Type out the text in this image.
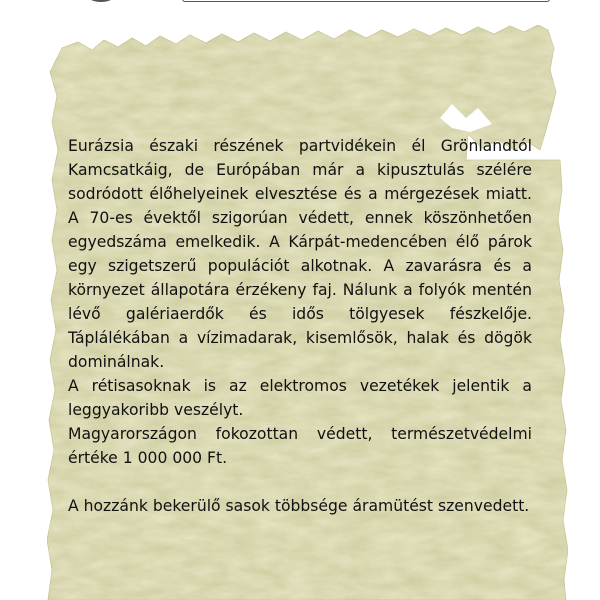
Eurázsia északi részének partvidékein él Grönlandtól Kamcsatkáig, de Európában már a kipusztulás szélére sodródott élőhelyeinek elvesztése és a mérgezések miatt. A 70-es évektől szigorúan védett, ennek köszönhetően egyedszáma emelkedik. A Kárpát-medencében élő párok egy szigetszerű populációt alkotnak. A zavarásra és a környezet állapotára érzékeny faj. Nálunk a folyók mentén lévő galériaerdők és idős tölgyesek fészkelője. Táplálékában a vízimadarak, kisemlősök, halak és dögök dominálnak.

A rétisasoknak is az elektromos vezetékek jelentik a leggyakoribb veszélyt.

Magyarországon fokozottan védett, természetvédelmi értéke 1 000 000 Ft.

A hozzánk bekerülő sasok többsége áramütést szenvedett.
